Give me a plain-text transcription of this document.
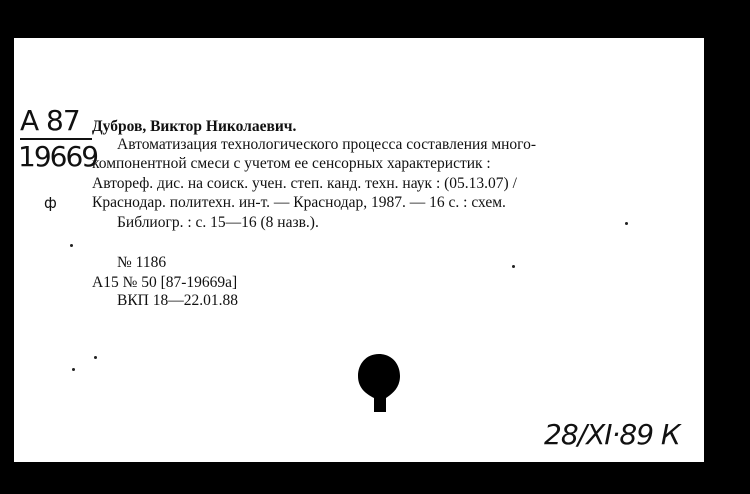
А 87
19669
ф
Дубров, Виктор Николаевич.
Автоматизация технологического процесса составления много-
компонентной смеси с учетом ее сенсорных характеристик :
Автореф. дис. на соиск. учен. степ. канд. техн. наук : (05.13.07) /
Краснодар. политехн. ин-т. — Краснодар, 1987. — 16 с. : схем.
Библиогр. : с. 15—16 (8 назв.).
№ 1186
А15 № 50 [87-19669а]
ВКП 18—22.01.88
28/XI·89 К
